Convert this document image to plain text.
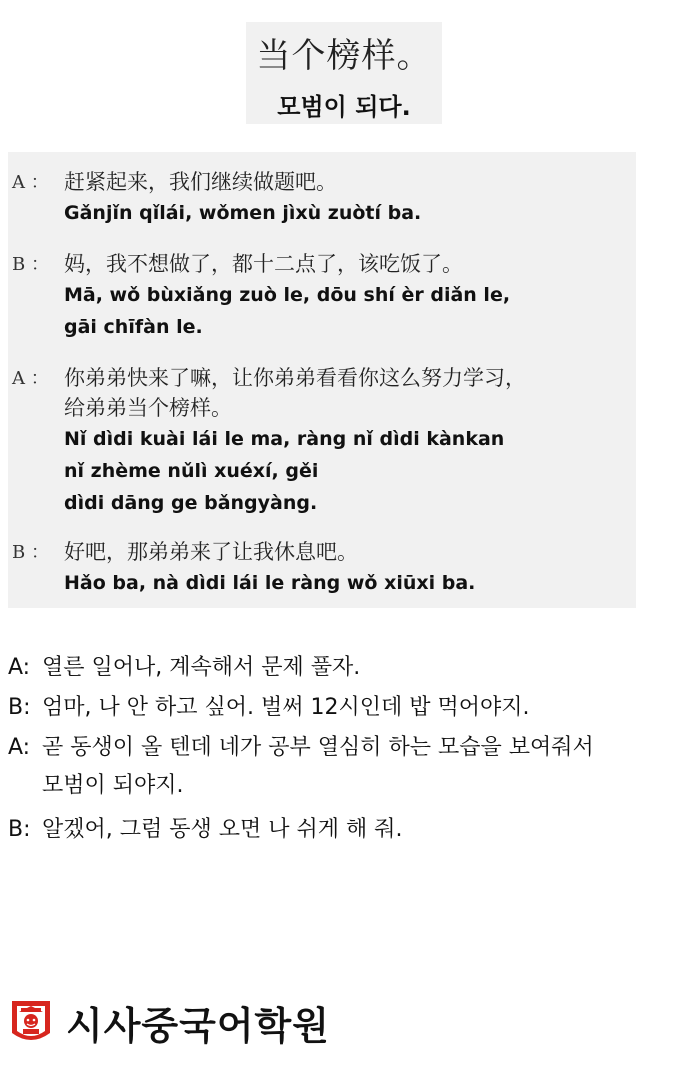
当个榜样。
모범이 되다.
A ： 赶紧起来，我们继续做题吧。
Gǎnjǐn qǐlái, wǒmen jìxù zuòtí ba.
B ： 妈，我不想做了，都十二点了，该吃饭了。
Mā, wǒ bùxiǎng zuò le, dōu shí èr diǎn le,
gāi chīfàn le.
A ： 你弟弟快来了嘛，让你弟弟看看你这么努力学习，
给弟弟当个榜样。
Nǐ dìdi kuài lái le ma, ràng nǐ dìdi kànkan
nǐ zhème nǔlì xuéxí, gěi
dìdi dāng ge bǎngyàng.
B ： 好吧，那弟弟来了让我休息吧。
Hǎo ba, nà dìdi lái le ràng wǒ xiūxi ba.
A: 열른 일어나, 계속해서 문제 풀자.
B: 엄마, 나 안 하고 싶어. 벌써 12시인데 밥 먹어야지.
A: 곧 동생이 올 텐데 네가 공부 열심히 하는 모습을 보여줘서
모범이 되야지.
B: 알겠어, 그럼 동생 오면 나 쉬게 해 줘.
시사중국어학원
